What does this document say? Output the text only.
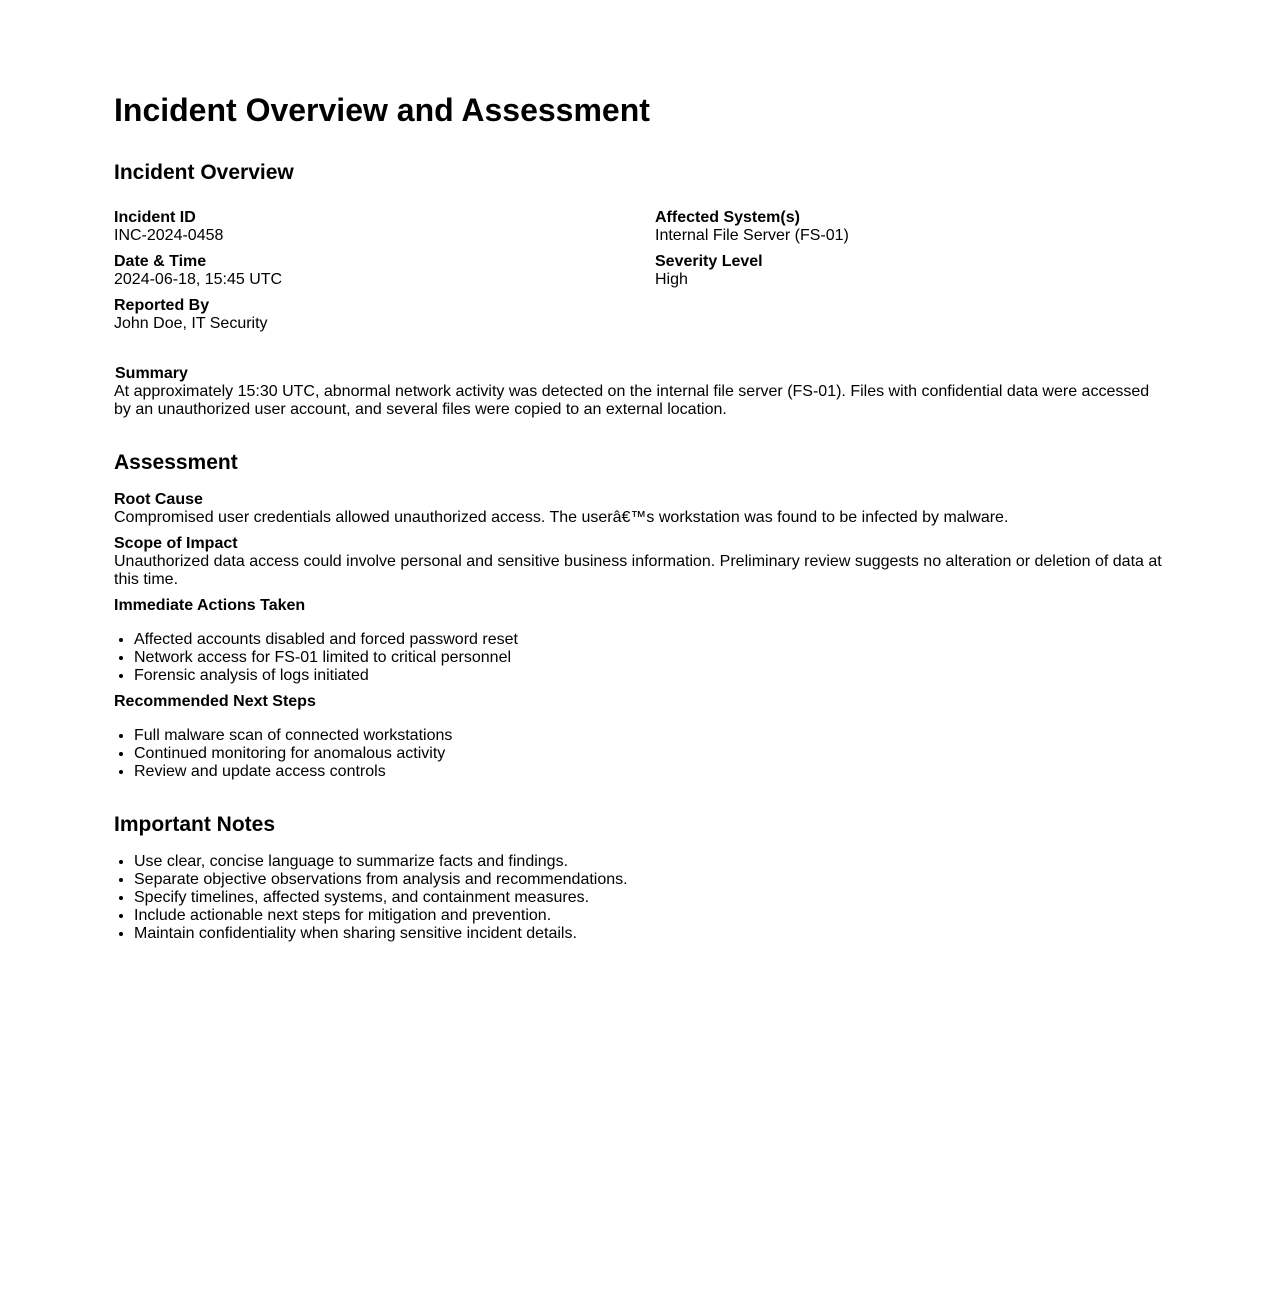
Incident Overview and Assessment
Incident Overview
Incident ID
INC-2024-0458
Date & Time
2024-06-18, 15:45 UTC
Reported By
John Doe, IT Security
Affected System(s)
Internal File Server (FS-01)
Severity Level
High
Summary
At approximately 15:30 UTC, abnormal network activity was detected on the internal file server (FS-01). Files with confidential data were accessed by an unauthorized user account, and several files were copied to an external location.
Assessment
Root Cause
Compromised user credentials allowed unauthorized access. The userâ€™s workstation was found to be infected by malware.
Scope of Impact
Unauthorized data access could involve personal and sensitive business information. Preliminary review suggests no alteration or deletion of data at this time.
Immediate Actions Taken
• Affected accounts disabled and forced password reset
• Network access for FS-01 limited to critical personnel
• Forensic analysis of logs initiated
Recommended Next Steps
• Full malware scan of connected workstations
• Continued monitoring for anomalous activity
• Review and update access controls
Important Notes
• Use clear, concise language to summarize facts and findings.
• Separate objective observations from analysis and recommendations.
• Specify timelines, affected systems, and containment measures.
• Include actionable next steps for mitigation and prevention.
• Maintain confidentiality when sharing sensitive incident details.
